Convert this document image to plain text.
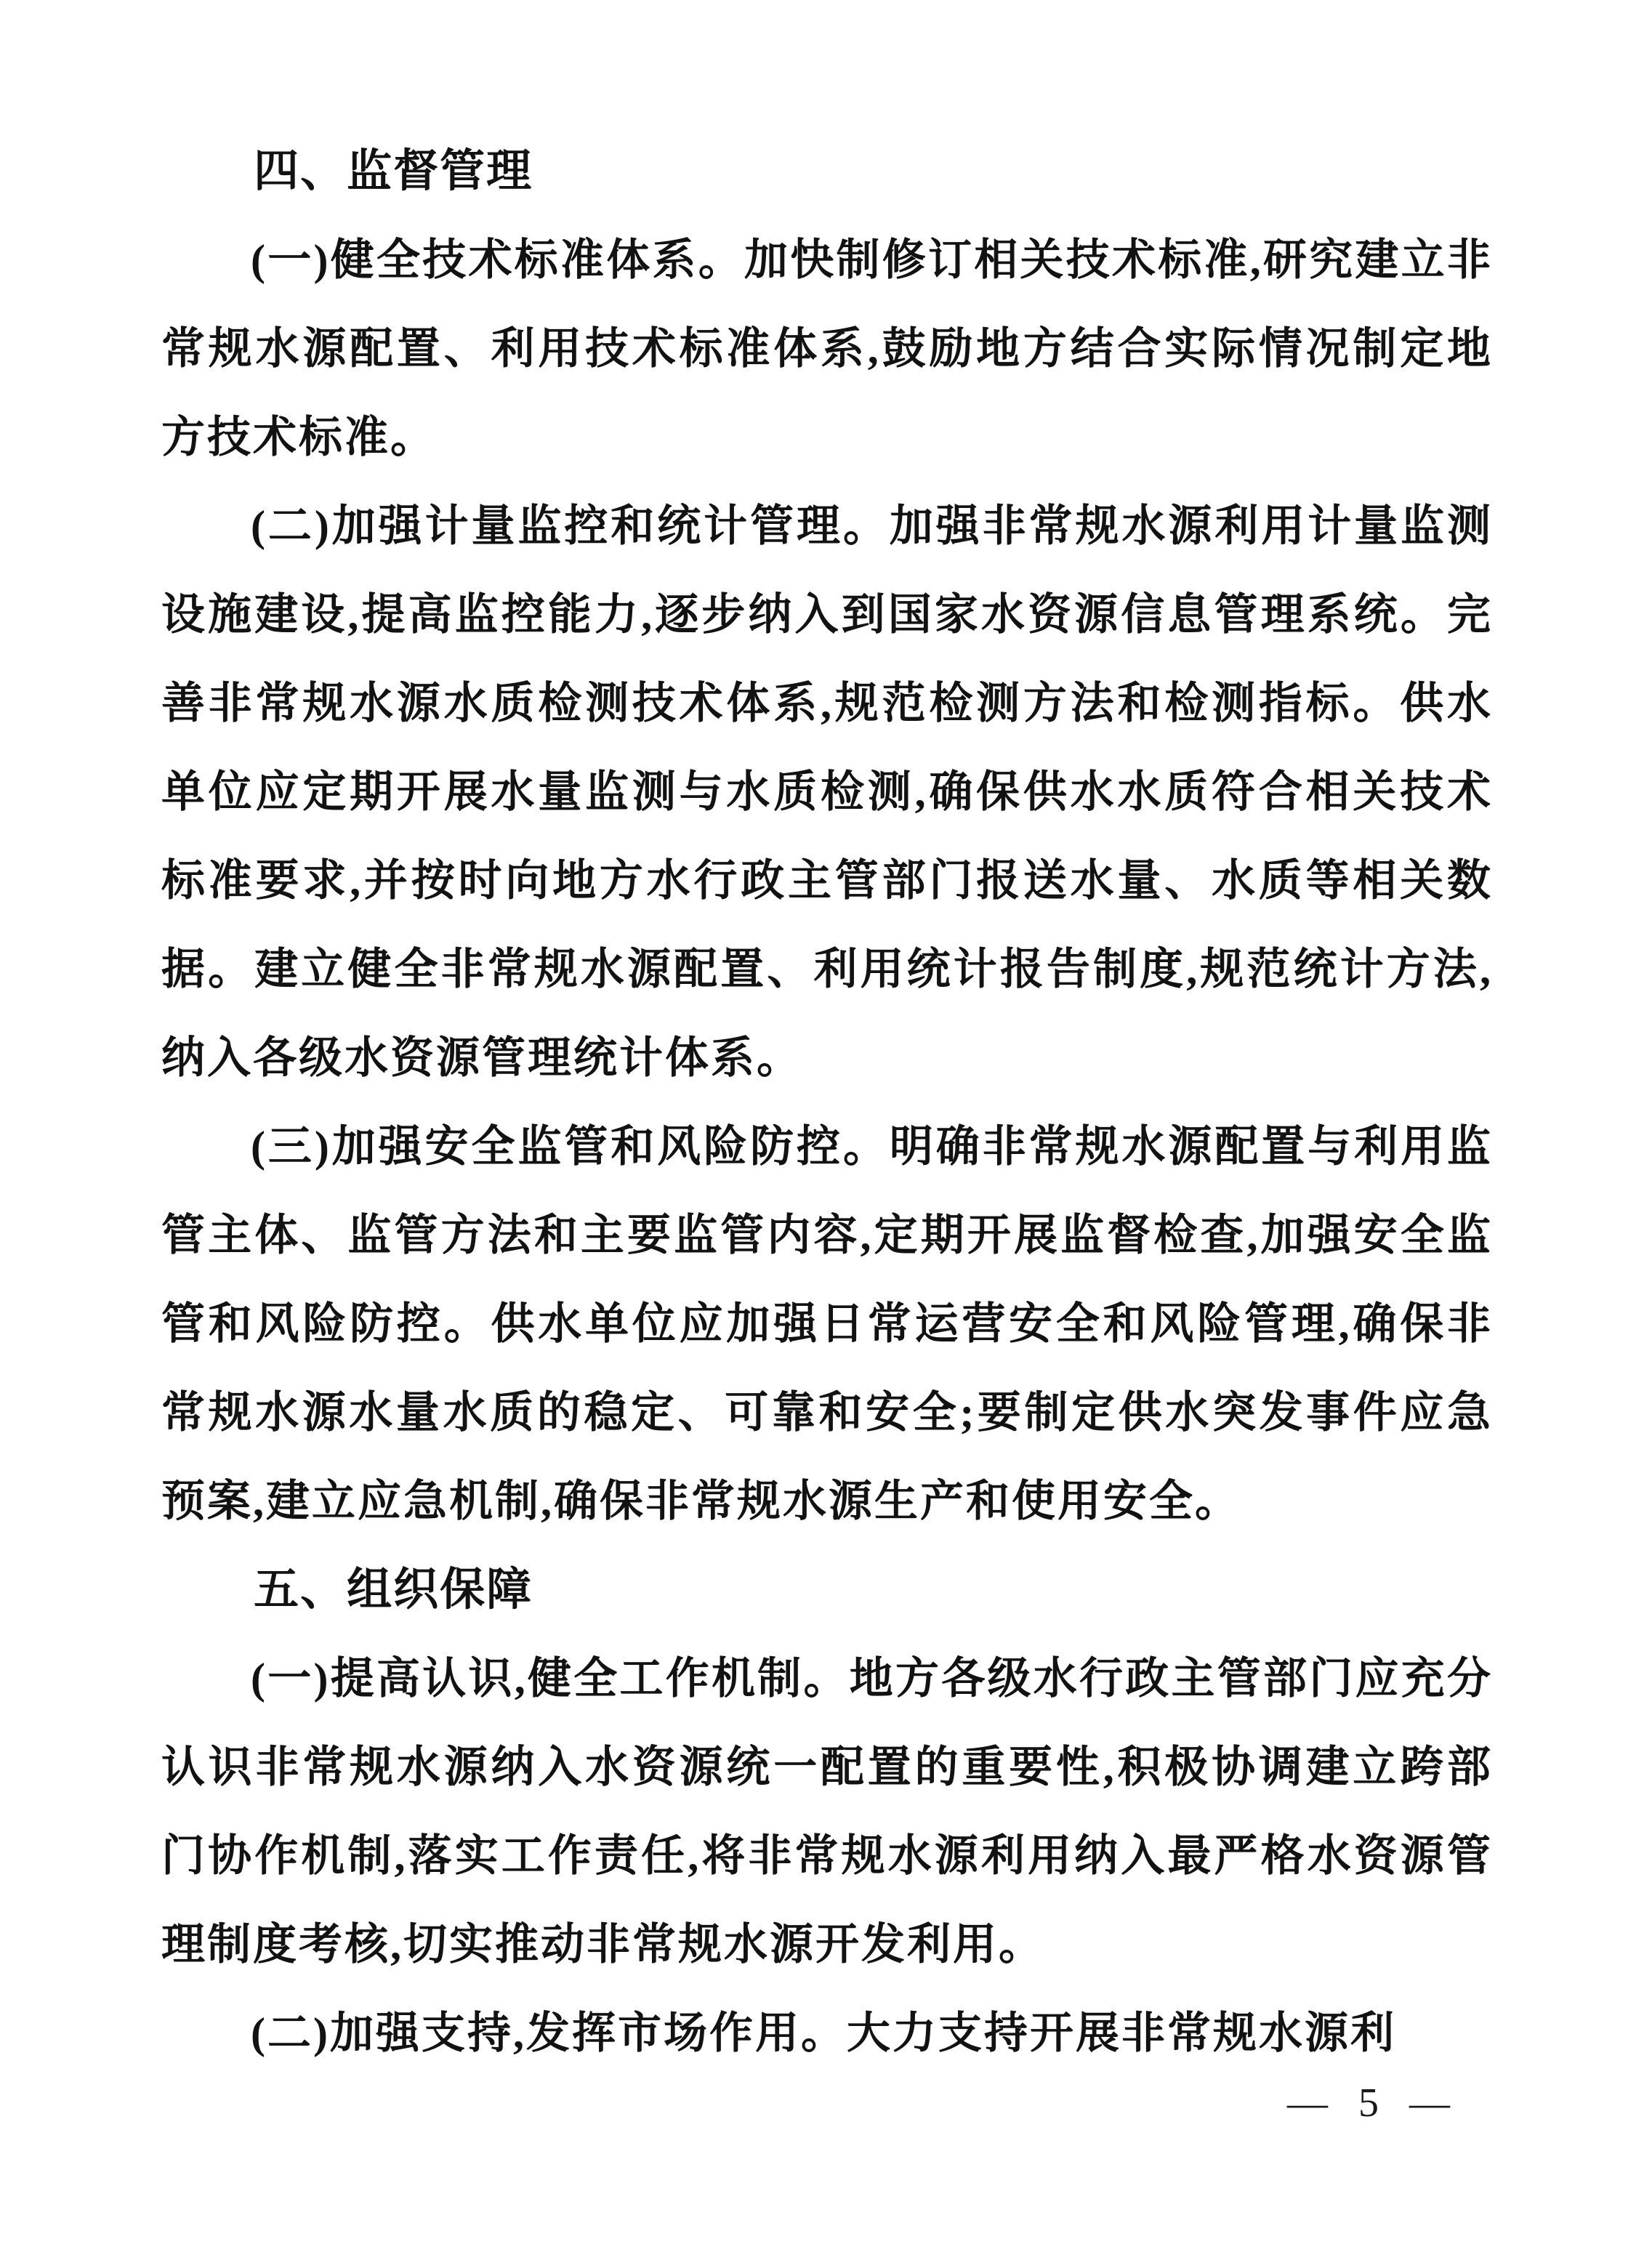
四、监督管理

(一)健全技术标准体系。加快制修订相关技术标准,研究建立非常规水源配置、利用技术标准体系,鼓励地方结合实际情况制定地方技术标准。

(二)加强计量监控和统计管理。加强非常规水源利用计量监测设施建设,提高监控能力,逐步纳入到国家水资源信息管理系统。完善非常规水源水质检测技术体系,规范检测方法和检测指标。供水单位应定期开展水量监测与水质检测,确保供水水质符合相关技术标准要求,并按时向地方水行政主管部门报送水量、水质等相关数据。建立健全非常规水源配置、利用统计报告制度,规范统计方法,纳入各级水资源管理统计体系。

(三)加强安全监管和风险防控。明确非常规水源配置与利用监管主体、监管方法和主要监管内容,定期开展监督检查,加强安全监管和风险防控。供水单位应加强日常运营安全和风险管理,确保非常规水源水量水质的稳定、可靠和安全;要制定供水突发事件应急预案,建立应急机制,确保非常规水源生产和使用安全。

五、组织保障

(一)提高认识,健全工作机制。地方各级水行政主管部门应充分认识非常规水源纳入水资源统一配置的重要性,积极协调建立跨部门协作机制,落实工作责任,将非常规水源利用纳入最严格水资源管理制度考核,切实推动非常规水源开发利用。

(二)加强支持,发挥市场作用。大力支持开展非常规水源利

— 5 —
